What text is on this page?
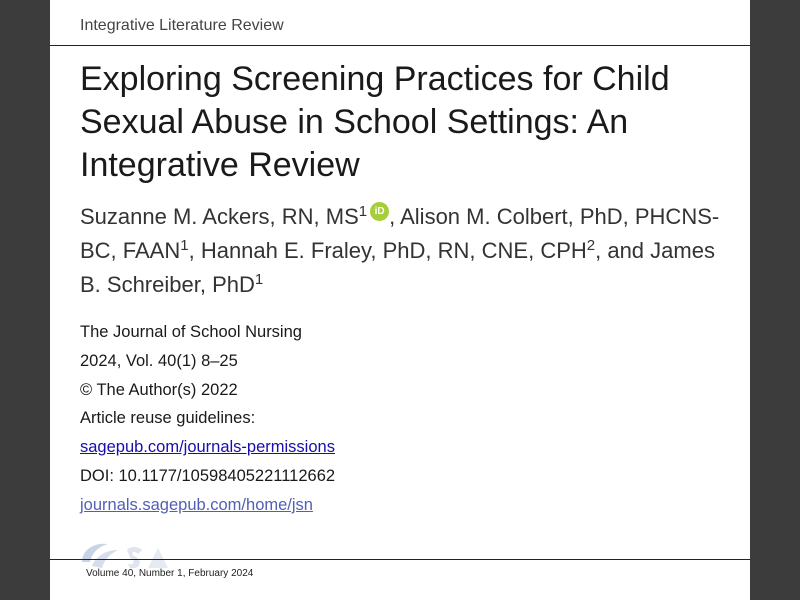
Integrative Literature Review
Exploring Screening Practices for Child Sexual Abuse in School Settings: An Integrative Review
Suzanne M. Ackers, RN, $MS^1$ iD , Alison M. Colbert, PhD, PHCNS-BC, FAAN$^1$, Hannah E. Fraley, PhD, RN, CNE, CPH$^2$, and James B. Schreiber, PhD$^1$
The Journal of School Nursing
2024, Vol. 40(1) 8–25
© The Author(s) 2022
Article reuse guidelines:
sagepub.com/journals-permissions
DOI: 10.1177/10598405221112662
journals.sagepub.com/home/jsn
Volume 40, Number 1, February 2024
